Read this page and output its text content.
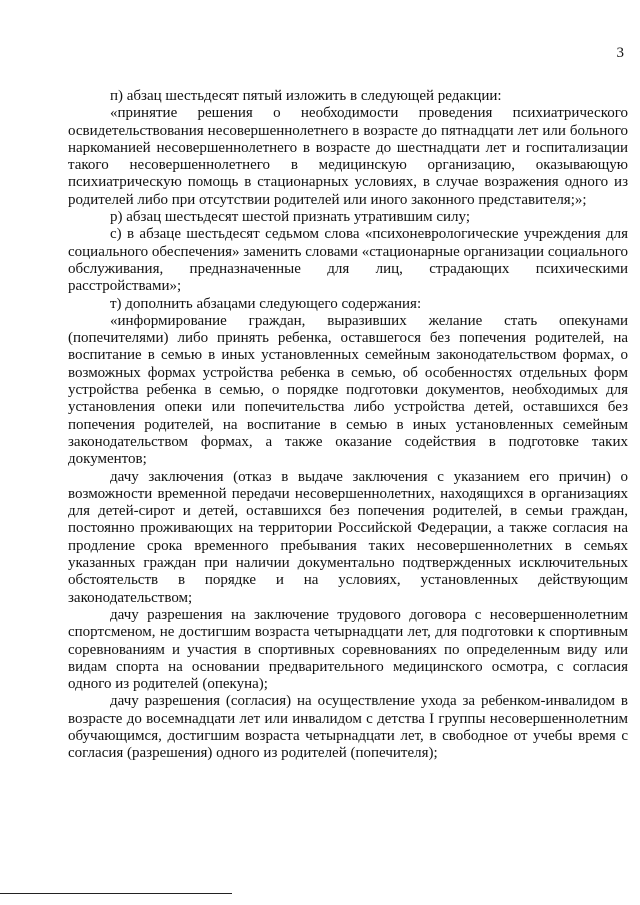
3

п) абзац шестьдесят пятый изложить в следующей редакции:

«принятие решения о необходимости проведения психиатрического освидетельствования несовершеннолетнего в возрасте до пятнадцати лет или больного наркоманией несовершеннолетнего в возрасте до шестнадцати лет и госпитализации такого несовершеннолетнего в медицинскую организацию, оказывающую психиатрическую помощь в стационарных условиях, в случае возражения одного из родителей либо при отсутствии родителей или иного законного представителя;»;

р) абзац шестьдесят шестой признать утратившим силу;

с) в абзаце шестьдесят седьмом слова «психоневрологические учреждения для социального обеспечения» заменить словами «стационарные организации социального обслуживания, предназначенные для лиц, страдающих психическими расстройствами»;

т) дополнить абзацами следующего содержания:

«информирование граждан, выразивших желание стать опекунами (попечителями) либо принять ребенка, оставшегося без попечения родителей, на воспитание в семью в иных установленных семейным законодательством формах, о возможных формах устройства ребенка в семью, об особенностях отдельных форм устройства ребенка в семью, о порядке подготовки документов, необходимых для установления опеки или попечительства либо устройства детей, оставшихся без попечения родителей, на воспитание в семью в иных установленных семейным законодательством формах, а также оказание содействия в подготовке таких документов;

дачу заключения (отказ в выдаче заключения с указанием его причин) о возможности временной передачи несовершеннолетних, находящихся в организациях для детей-сирот и детей, оставшихся без попечения родителей, в семьи граждан, постоянно проживающих на территории Российской Федерации, а также согласия на продление срока временного пребывания таких несовершеннолетних в семьях указанных граждан при наличии документально подтвержденных исключительных обстоятельств в порядке и на условиях, установленных действующим законодательством;

дачу разрешения на заключение трудового договора с несовершеннолетним спортсменом, не достигшим возраста четырнадцати лет, для подготовки к спортивным соревнованиям и участия в спортивных соревнованиях по определенным виду или видам спорта на основании предварительного медицинского осмотра, с согласия одного из родителей (опекуна);

дачу разрешения (согласия) на осуществление ухода за ребенком-инвалидом в возрасте до восемнадцати лет или инвалидом с детства I группы несовершеннолетним обучающимся, достигшим возраста четырнадцати лет, в свободное от учебы время с согласия (разрешения) одного из родителей (попечителя);
